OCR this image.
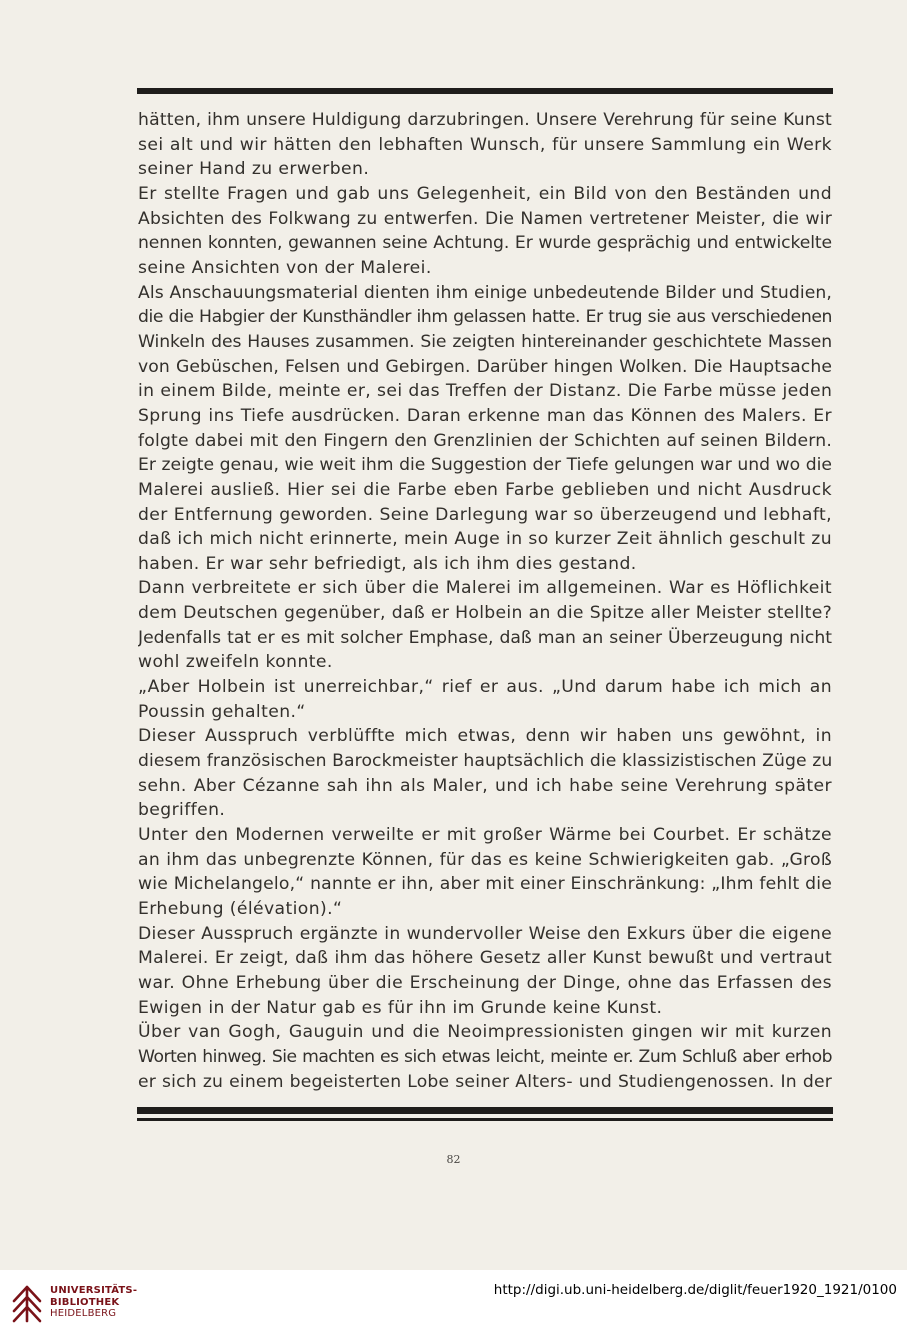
hätten, ihm unsere Huldigung darzubringen. Unsere Verehrung für seine Kunst
sei alt und wir hätten den lebhaften Wunsch, für unsere Sammlung ein Werk
seiner Hand zu erwerben.
Er stellte Fragen und gab uns Gelegenheit, ein Bild von den Beständen und
Absichten des Folkwang zu entwerfen. Die Namen vertretener Meister, die wir
nennen konnten, gewannen seine Achtung. Er wurde gesprächig und entwickelte
seine Ansichten von der Malerei.
Als Anschauungsmaterial dienten ihm einige unbedeutende Bilder und Studien,
die die Habgier der Kunsthändler ihm gelassen hatte. Er trug sie aus verschiedenen
Winkeln des Hauses zusammen. Sie zeigten hintereinander geschichtete Massen
von Gebüschen, Felsen und Gebirgen. Darüber hingen Wolken. Die Hauptsache
in einem Bilde, meinte er, sei das Treffen der Distanz. Die Farbe müsse jeden
Sprung ins Tiefe ausdrücken. Daran erkenne man das Können des Malers. Er
folgte dabei mit den Fingern den Grenzlinien der Schichten auf seinen Bildern.
Er zeigte genau, wie weit ihm die Suggestion der Tiefe gelungen war und wo die
Malerei ausließ. Hier sei die Farbe eben Farbe geblieben und nicht Ausdruck
der Entfernung geworden. Seine Darlegung war so überzeugend und lebhaft,
daß ich mich nicht erinnerte, mein Auge in so kurzer Zeit ähnlich geschult zu
haben. Er war sehr befriedigt, als ich ihm dies gestand.
Dann verbreitete er sich über die Malerei im allgemeinen. War es Höflichkeit
dem Deutschen gegenüber, daß er Holbein an die Spitze aller Meister stellte?
Jedenfalls tat er es mit solcher Emphase, daß man an seiner Überzeugung nicht
wohl zweifeln konnte.
„Aber Holbein ist unerreichbar,“ rief er aus. „Und darum habe ich mich an
Poussin gehalten.“
Dieser Ausspruch verblüffte mich etwas, denn wir haben uns gewöhnt, in
diesem französischen Barockmeister hauptsächlich die klassizistischen Züge zu
sehn. Aber Cézanne sah ihn als Maler, und ich habe seine Verehrung später
begriffen.
Unter den Modernen verweilte er mit großer Wärme bei Courbet. Er schätze
an ihm das unbegrenzte Können, für das es keine Schwierigkeiten gab. „Groß
wie Michelangelo,“ nannte er ihn, aber mit einer Einschränkung: „Ihm fehlt die
Erhebung (élévation).“
Dieser Ausspruch ergänzte in wundervoller Weise den Exkurs über die eigene
Malerei. Er zeigt, daß ihm das höhere Gesetz aller Kunst bewußt und vertraut
war. Ohne Erhebung über die Erscheinung der Dinge, ohne das Erfassen des
Ewigen in der Natur gab es für ihn im Grunde keine Kunst.
Über van Gogh, Gauguin und die Neoimpressionisten gingen wir mit kurzen
Worten hinweg. Sie machten es sich etwas leicht, meinte er. Zum Schluß aber erhob
er sich zu einem begeisterten Lobe seiner Alters- und Studiengenossen. In der
82
UNIVERSITÄTS-
BIBLIOTHEK
HEIDELBERG
http://digi.ub.uni-heidelberg.de/diglit/feuer1920_1921/0100
